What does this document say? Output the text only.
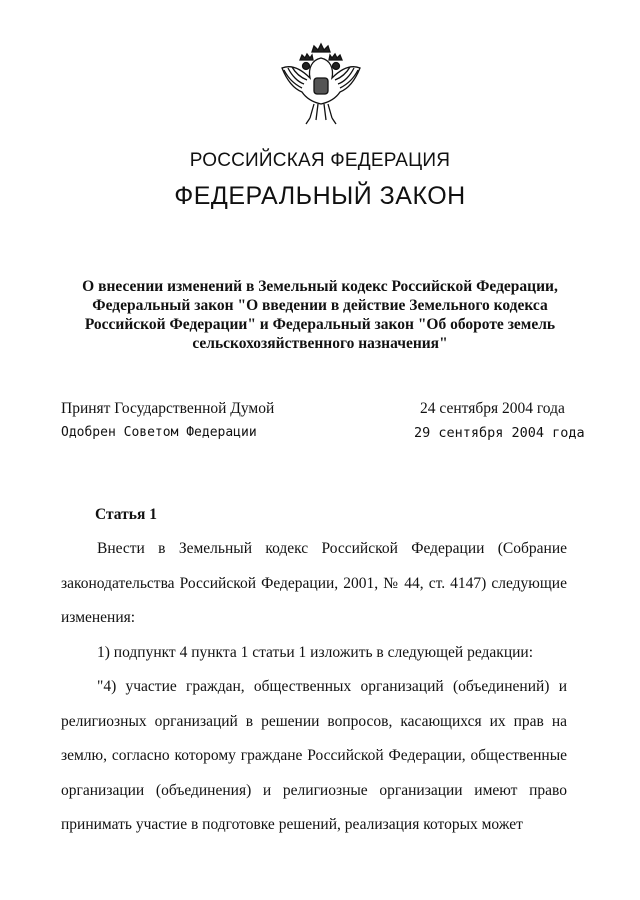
РОССИЙСКАЯ ФЕДЕРАЦИЯ
ФЕДЕРАЛЬНЫЙ ЗАКОН
О внесении изменений в Земельный кодекс Российской Федерации,
Федеральный закон "О введении в действие Земельного кодекса
Российской Федерации" и Федеральный закон "Об обороте земель
сельскохозяйственного назначения"
Принят Государственной Думой	24 сентября 2004 года
Одобрен Советом Федерации	29 сентября 2004 года
Статья 1

Внести в Земельный кодекс Российской Федерации (Собрание законодательства Российской Федерации, 2001, № 44, ст. 4147) следующие изменения:

1) подпункт 4 пункта 1 статьи 1 изложить в следующей редакции:

"4) участие граждан, общественных организаций (объединений) и религиозных организаций в решении вопросов, касающихся их прав на землю, согласно которому граждане Российской Федерации, общественные организации (объединения) и религиозные организации имеют право принимать участие в подготовке решений, реализация которых может
